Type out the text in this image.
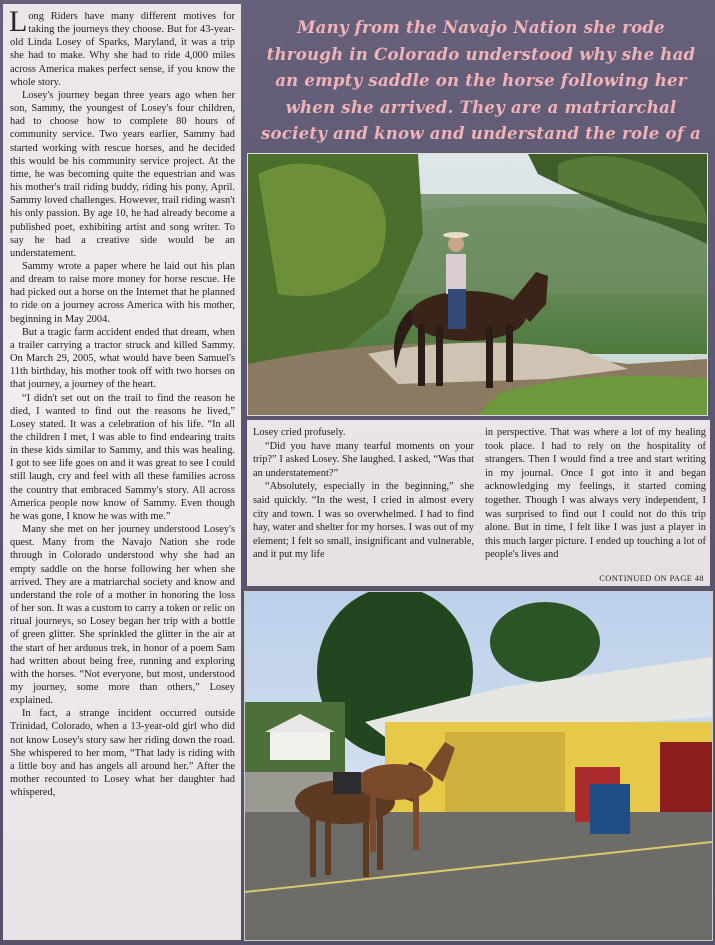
Long Riders have many different motives for taking the journeys they choose. But for 43-year-old Linda Losey of Sparks, Maryland, it was a trip she had to make. Why she had to ride 4,000 miles across America makes perfect sense, if you know the whole story.

Losey's journey began three years ago when her son, Sammy, the youngest of Losey's four children, had to choose how to complete 80 hours of community service. Two years earlier, Sammy had started working with rescue horses, and he decided this would be his community service project. At the time, he was becoming quite the equestrian and was his mother's trail riding buddy, riding his pony, April. Sammy loved challenges. However, trail riding wasn't his only passion. By age 10, he had already become a published poet, exhibiting artist and song writer. To say he had a creative side would be an understatement.

Sammy wrote a paper where he laid out his plan and dream to raise more money for horse rescue. He had picked out a horse on the Internet that he planned to ride on a journey across America with his mother, beginning in May 2004.

But a tragic farm accident ended that dream, when a trailer carrying a tractor struck and killed Sammy. On March 29, 2005, what would have been Samuel's 11th birthday, his mother took off with two horses on that journey, a journey of the heart.

“I didn't set out on the trail to find the reason he died, I wanted to find out the reasons he lived,” Losey stated. It was a celebration of his life. “In all the children I met, I was able to find endearing traits in these kids similar to Sammy, and this was healing. I got to see life goes on and it was great to see I could still laugh, cry and feel with all these families across the country that embraced Sammy's story. All across America people now know of Sammy. Even though he was gone, I know he was with me.”

Many she met on her journey understood Losey's quest. Many from the Navajo Nation she rode through in Colorado understood why she had an empty saddle on the horse following her when she arrived. They are a matriarchal society and know and understand the role of a mother in honoring the loss of her son. It was a custom to carry a token or relic on ritual journeys, so Losey began her trip with a bottle of green glitter. She sprinkled the glitter in the air at the start of her arduous trek, in honor of a poem Sam had written about being free, running and exploring with the horses. “Not everyone, but most, understood my journey, some more than others,” Losey explained.

In fact, a strange incident occurred outside Trinidad, Colorado, when a 13-year-old girl who did not know Losey's story saw her riding down the road. She whispered to her mom, “That lady is riding with a little boy and has angels all around her.” After the mother recounted to Losey what her daughter had whispered,

Many from the Navajo Nation she rode through in Colorado understood why she had an empty saddle on the horse following her when she arrived. They are a matriarchal society and know and understand the role of a

Losey cried profusely.

“Did you have many tearful moments on your trip?” I asked Losey. She laughed. I asked, “Was that an understatement?”

“Absolutely, especially in the beginning,” she said quickly. “In the west, I cried in almost every city and town. I was so overwhelmed. I had to find hay, water and shelter for my horses. I was out of my element; I felt so small, insignificant and vulnerable, and it put my life

in perspective. That was where a lot of my healing took place. I had to rely on the hospitality of strangers. Then I would find a tree and start writing in my journal. Once I got into it and began acknowledging my feelings, it started coming together. Though I was always very independent, I was surprised to find out I could not do this trip alone. But in time, I felt like I was just a player in this much larger picture. I ended up touching a lot of people's lives and

CONTINUED ON PAGE 48
